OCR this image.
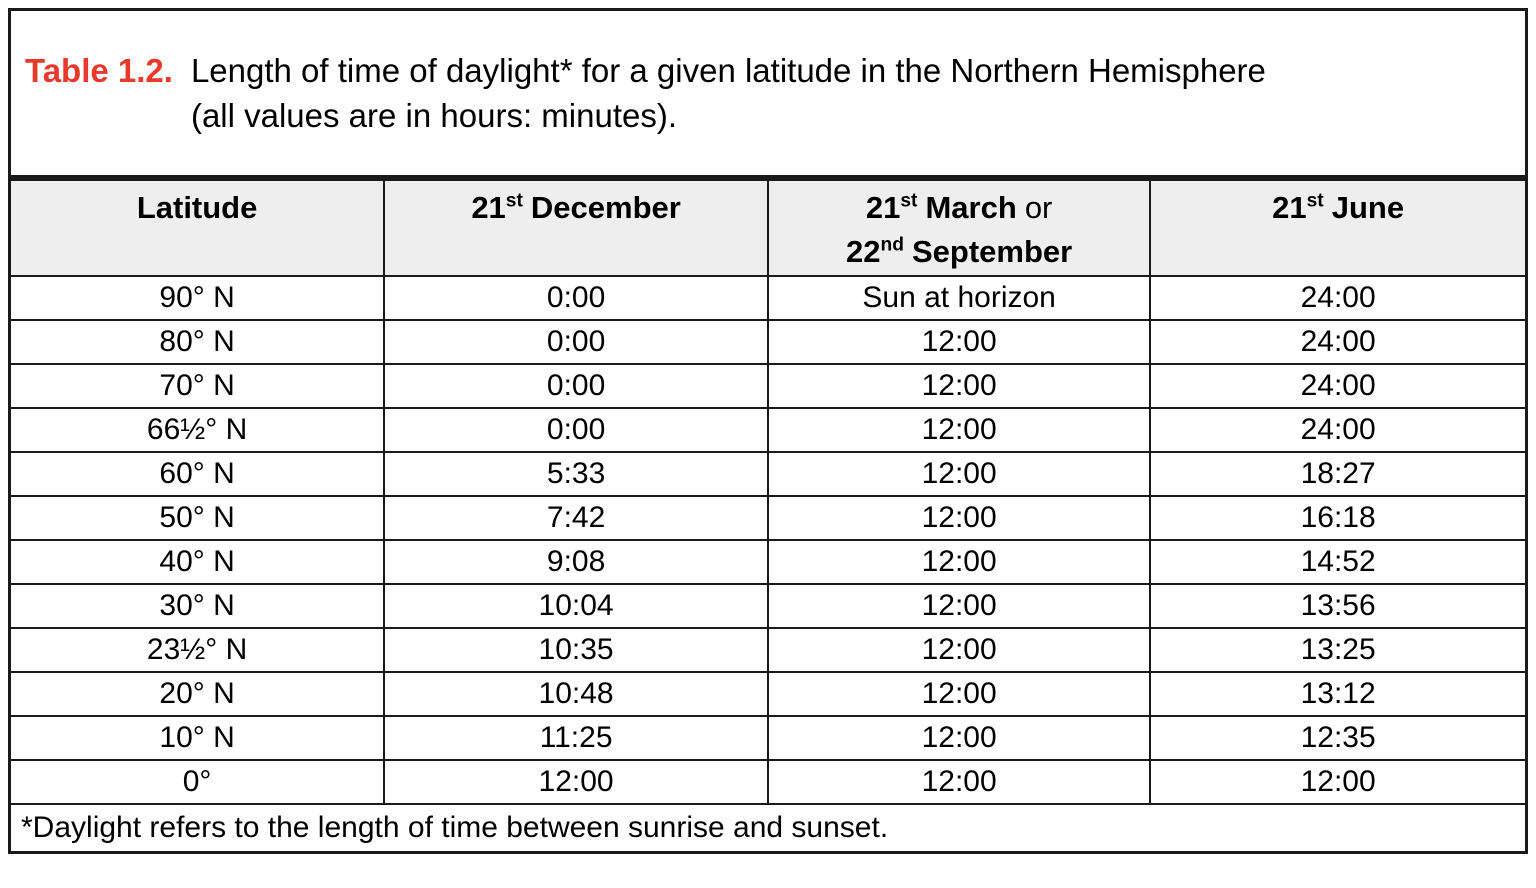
Table 1.2. Length of time of daylight* for a given latitude in the Northern Hemisphere
(all values are in hours: minutes).
Latitude	21st December	21st March or
22nd September	21st June

90° N	0:00	Sun at horizon	24:00
80° N	0:00	12:00	24:00
70° N	0:00	12:00	24:00
66½° N	0:00	12:00	24:00
60° N	5:33	12:00	18:27
50° N	7:42	12:00	16:18
40° N	9:08	12:00	14:52
30° N	10:04	12:00	13:56
23½° N	10:35	12:00	13:25
20° N	10:48	12:00	13:12
10° N	11:25	12:00	12:35
0°	12:00	12:00	12:00
*Daylight refers to the length of time between sunrise and sunset.			
